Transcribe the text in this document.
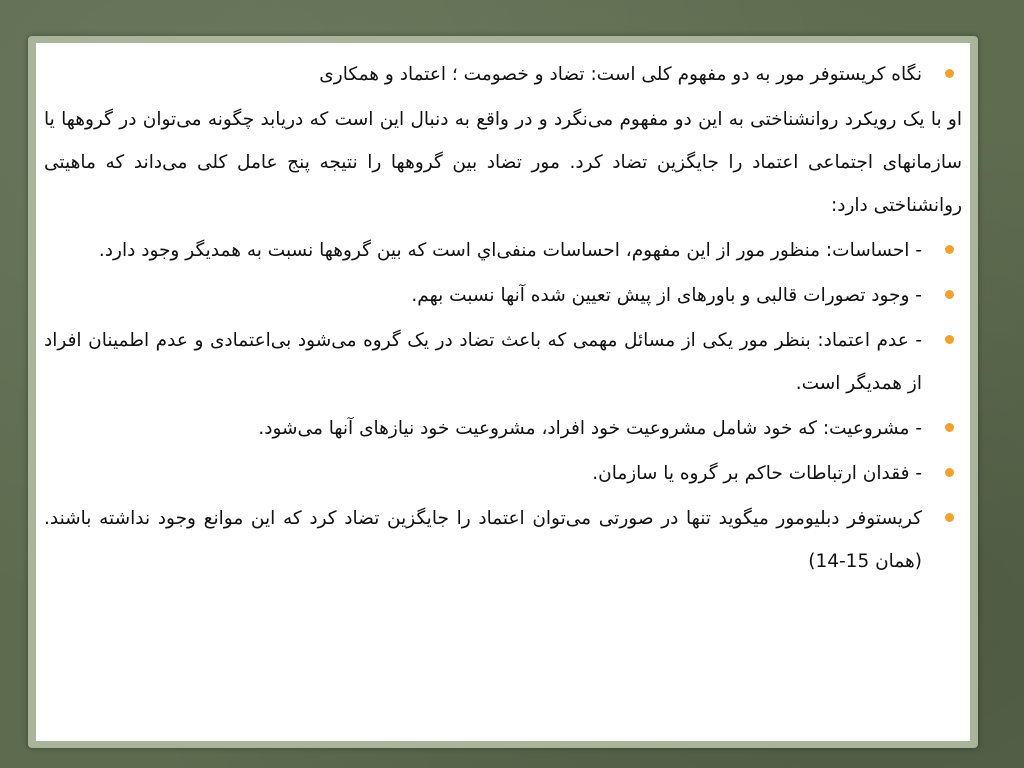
نگاه کریستوفر مور به دو مفهوم کلی است: تضاد و خصومت ؛ اعتماد و همکاری
او با یک رویکرد روانشناختی به این دو مفهوم می‌نگرد و در واقع به دنبال این است که دریابد چگونه می‌توان در گروهها یا سازمانهای اجتماعی اعتماد را جایگزین تضاد کرد. مور تضاد بین گروهها را نتیجه پنج عامل کلی می‌داند که ماهیتی روانشناختی دارد:
- احساسات: منظور مور از این مفهوم، احساسات منفی‌اي است که بین گروهها نسبت به همدیگر وجود دارد.
- وجود تصورات قالبی و باورهای از پیش تعیین شده آنها نسبت بهم.
- عدم اعتماد: بنظر مور یکی از مسائل مهمی که باعث تضاد در یک گروه می‌شود بی‌اعتمادی و عدم اطمینان افراد از همدیگر است.
- مشروعیت: که خود شامل مشروعیت خود افراد، مشروعیت خود نیازهای آنها می‌شود.
- فقدان ارتباطات حاکم بر گروه یا سازمان.
کریستوفر دبلیومور میگوید تنها در صورتی می‌توان اعتماد را جایگزین تضاد کرد که این موانع وجود نداشته باشند.(همان 15-14)
